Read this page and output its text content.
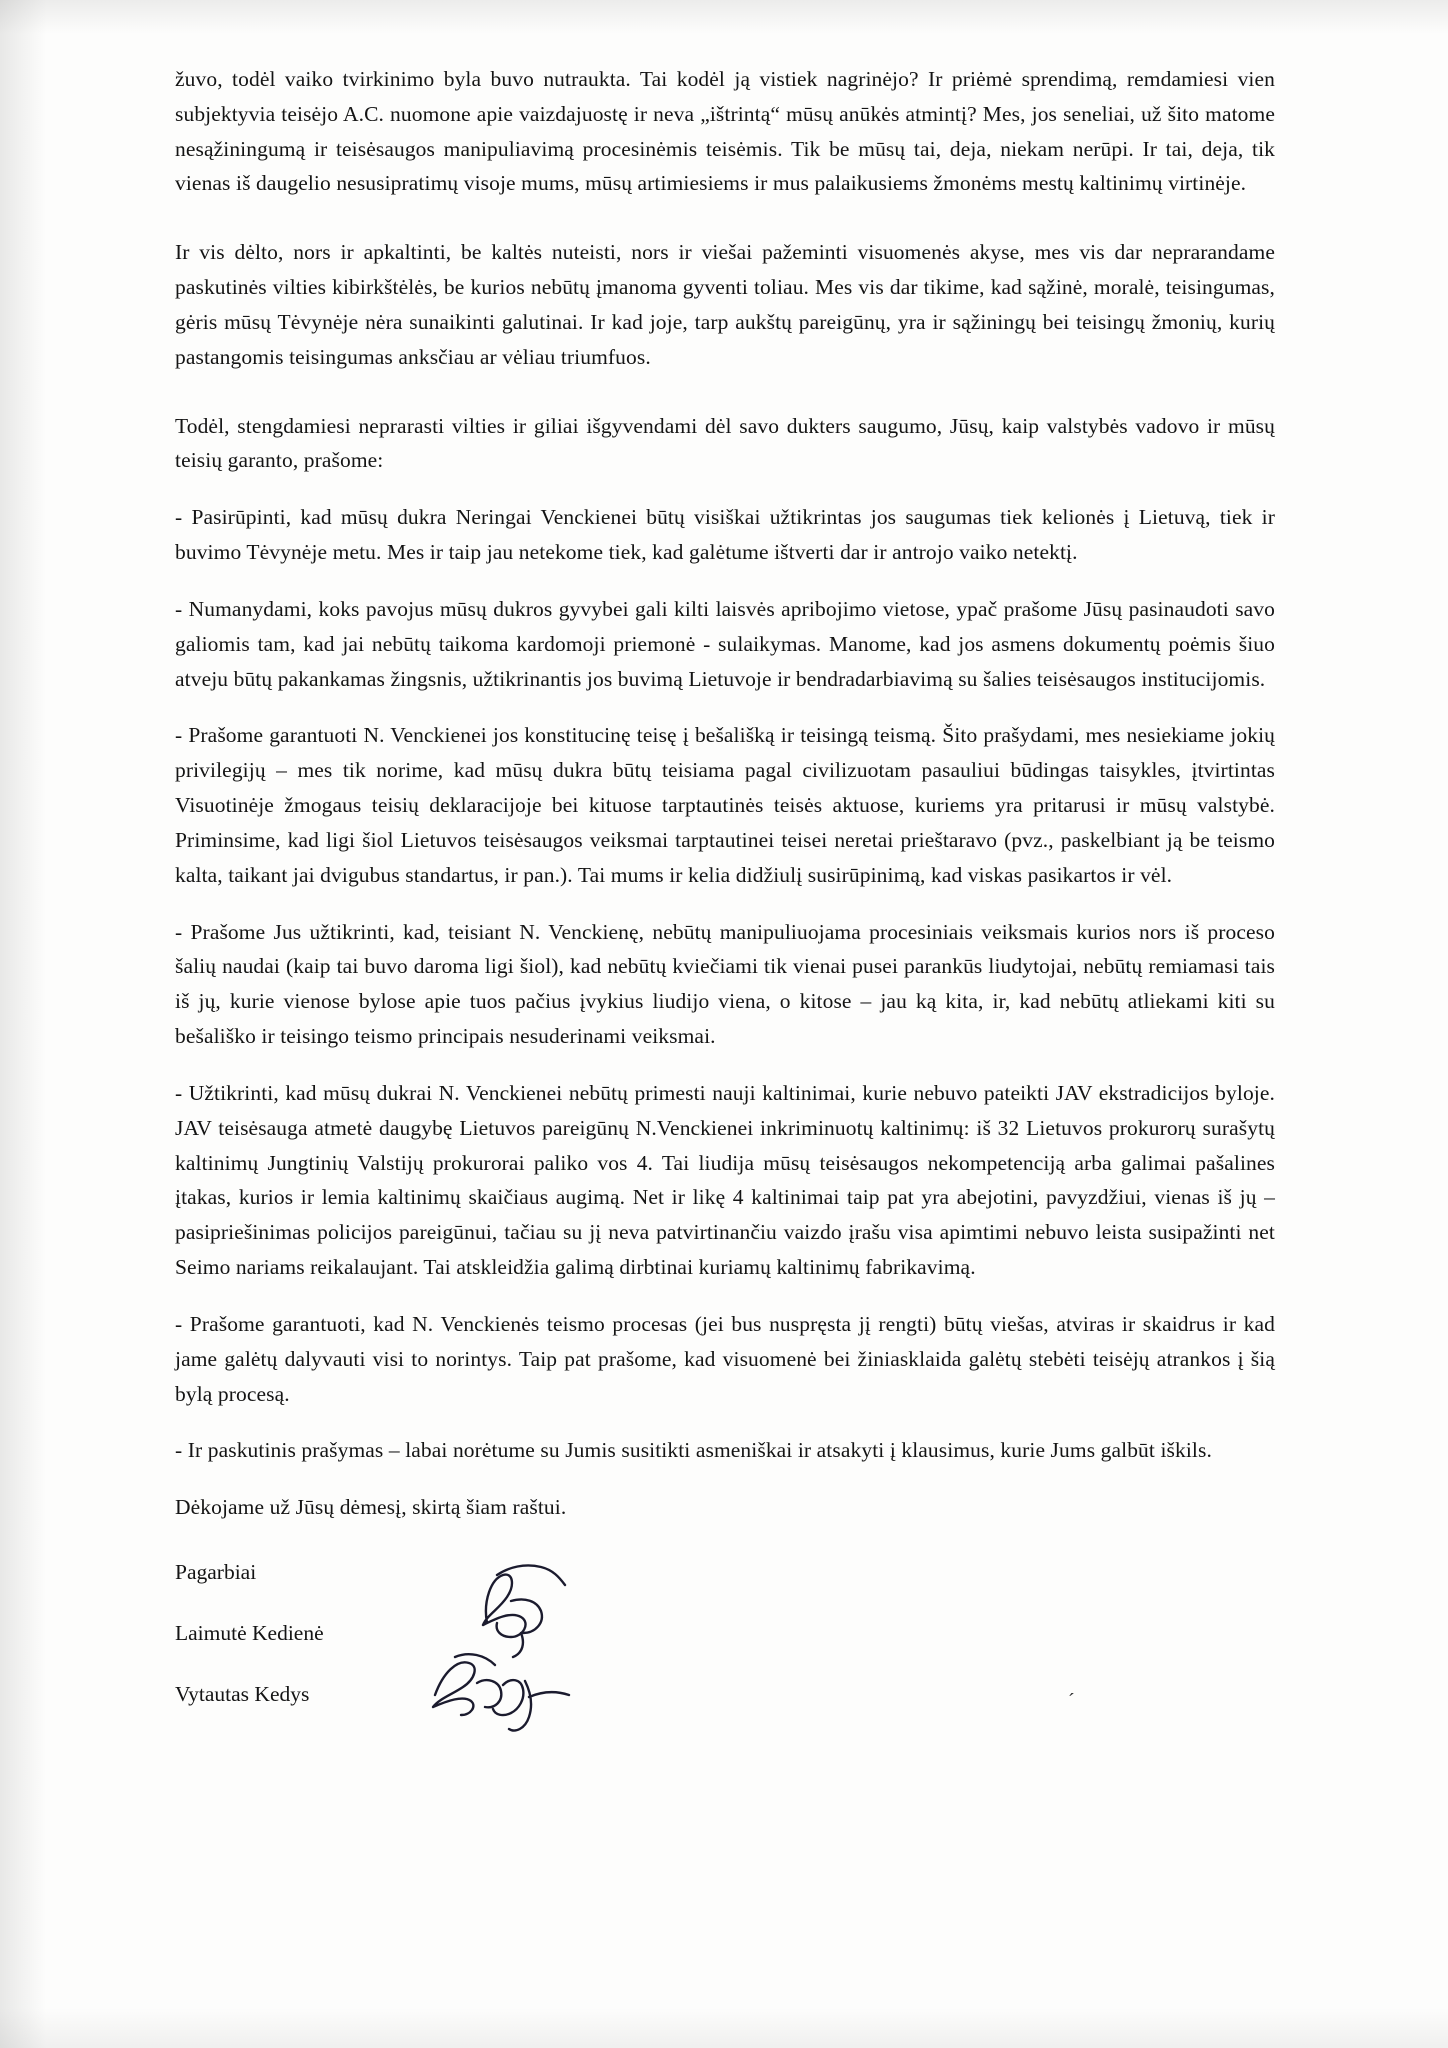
žuvo, todėl vaiko tvirkinimo byla buvo nutraukta. Tai kodėl ją vistiek nagrinėjo? Ir priėmė sprendimą, remdamiesi vien subjektyvia teisėjo A.C. nuomone apie vaizdajuostę ir neva „ištrintą“ mūsų anūkės atmintį? Mes, jos seneliai, už šito matome nesąžiningumą ir teisėsaugos manipuliavimą procesinėmis teisėmis. Tik be mūsų tai, deja, niekam nerūpi. Ir tai, deja, tik vienas iš daugelio nesusipratimų visoje mums, mūsų artimiesiems ir mus palaikusiems žmonėms mestų kaltinimų virtinėje.

Ir vis dėlto, nors ir apkaltinti, be kaltės nuteisti, nors ir viešai pažeminti visuomenės akyse, mes vis dar neprarandame paskutinės vilties kibirkštėlės, be kurios nebūtų įmanoma gyventi toliau. Mes vis dar tikime, kad sąžinė, moralė, teisingumas, gėris mūsų Tėvynėje nėra sunaikinti galutinai. Ir kad joje, tarp aukštų pareigūnų, yra ir sąžiningų bei teisingų žmonių, kurių pastangomis teisingumas anksčiau ar vėliau triumfuos.

Todėl, stengdamiesi neprarasti vilties ir giliai išgyvendami dėl savo dukters saugumo, Jūsų, kaip valstybės vadovo ir mūsų teisių garanto, prašome:

- Pasirūpinti, kad mūsų dukra Neringai Venckienei būtų visiškai užtikrintas jos saugumas tiek kelionės į Lietuvą, tiek ir buvimo Tėvynėje metu. Mes ir taip jau netekome tiek, kad galėtume ištverti dar ir antrojo vaiko netektį.

- Numanydami, koks pavojus mūsų dukros gyvybei gali kilti laisvės apribojimo vietose, ypač prašome Jūsų pasinaudoti savo galiomis tam, kad jai nebūtų taikoma kardomoji priemonė - sulaikymas. Manome, kad jos asmens dokumentų poėmis šiuo atveju būtų pakankamas žingsnis, užtikrinantis jos buvimą Lietuvoje ir bendradarbiavimą su šalies teisėsaugos institucijomis.

- Prašome garantuoti N. Venckienei jos konstitucinę teisę į bešališką ir teisingą teismą. Šito prašydami, mes nesiekiame jokių privilegijų – mes tik norime, kad mūsų dukra būtų teisiama pagal civilizuotam pasauliui būdingas taisykles, įtvirtintas Visuotinėje žmogaus teisių deklaracijoje bei kituose tarptautinės teisės aktuose, kuriems yra pritarusi ir mūsų valstybė. Priminsime, kad ligi šiol Lietuvos teisėsaugos veiksmai tarptautinei teisei neretai prieštaravo (pvz., paskelbiant ją be teismo kalta, taikant jai dvigubus standartus, ir pan.). Tai mums ir kelia didžiulį susirūpinimą, kad viskas pasikartos ir vėl.

- Prašome Jus užtikrinti, kad, teisiant N. Venckienę, nebūtų manipuliuojama procesiniais veiksmais kurios nors iš proceso šalių naudai (kaip tai buvo daroma ligi šiol), kad nebūtų kviečiami tik vienai pusei parankūs liudytojai, nebūtų remiamasi tais iš jų, kurie vienose bylose apie tuos pačius įvykius liudijo viena, o kitose – jau ką kita, ir, kad nebūtų atliekami kiti su bešališko ir teisingo teismo principais nesuderinami veiksmai.

- Užtikrinti, kad mūsų dukrai N. Venckienei nebūtų primesti nauji kaltinimai, kurie nebuvo pateikti JAV ekstradicijos byloje. JAV teisėsauga atmetė daugybę Lietuvos pareigūnų N.Venckienei inkriminuotų kaltinimų: iš 32 Lietuvos prokurorų surašytų kaltinimų Jungtinių Valstijų prokurorai paliko vos 4. Tai liudija mūsų teisėsaugos nekompetenciją arba galimai pašalines įtakas, kurios ir lemia kaltinimų skaičiaus augimą. Net ir likę 4 kaltinimai taip pat yra abejotini, pavyzdžiui, vienas iš jų – pasipriešinimas policijos pareigūnui, tačiau su jį neva patvirtinančiu vaizdo įrašu visa apimtimi nebuvo leista susipažinti net Seimo nariams reikalaujant. Tai atskleidžia galimą dirbtinai kuriamų kaltinimų fabrikavimą.

- Prašome garantuoti, kad N. Venckienės teismo procesas (jei bus nuspręsta jį rengti) būtų viešas, atviras ir skaidrus ir kad jame galėtų dalyvauti visi to norintys. Taip pat prašome, kad visuomenė bei žiniasklaida galėtų stebėti teisėjų atrankos į šią bylą procesą.

- Ir paskutinis prašymas – labai norėtume su Jumis susitikti asmeniškai ir atsakyti į klausimus, kurie Jums galbūt iškils.

Dėkojame už Jūsų dėmesį, skirtą šiam raštui.

Pagarbiai

Laimutė Kedienė

Vytautas Kedys	´
